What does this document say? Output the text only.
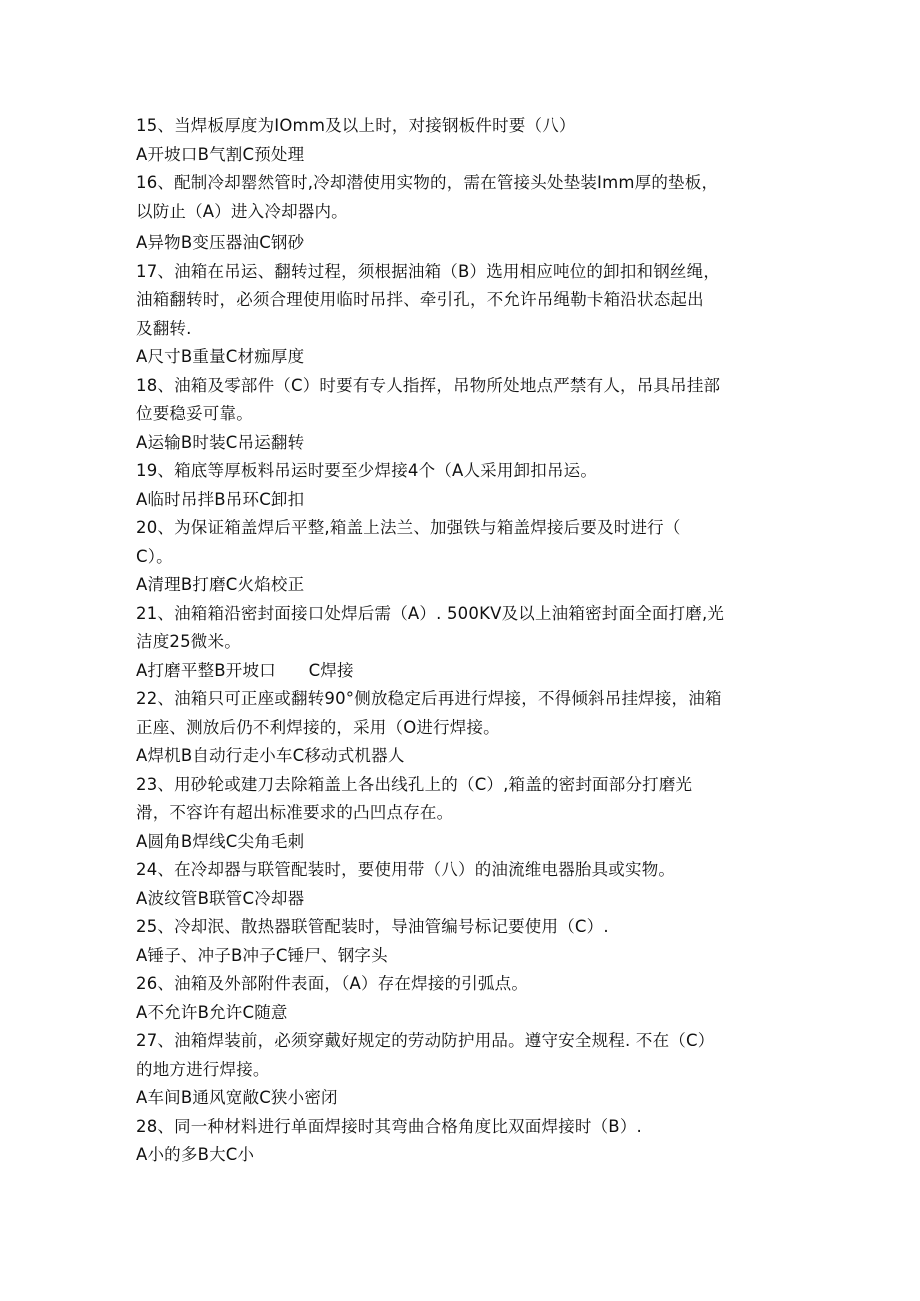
15、当焊板厚度为IOmm及以上时，对接钢板件时要（八）
A开坡口B气割C预处理
16、配制冷却罂然管时,冷却潜使用实物的，需在管接头处垫装Imm厚的垫板，
以防止（A）进入冷却器内。
A异物B变压器油C钢砂
17、油箱在吊运、翻转过程，须根据油箱（B）选用相应吨位的卸扣和钢丝绳，
油箱翻转时，必须合理使用临时吊拌、牵引孔，不允许吊绳勒卡箱沿状态起出
及翻转.
A尺寸B重量C材痂厚度
18、油箱及零部件（C）时要有专人指挥，吊物所处地点严禁有人，吊具吊挂部
位要稳妥可靠。
A运输B时装C吊运翻转
19、箱底等厚板料吊运时要至少焊接4个（A人采用卸扣吊运。
A临时吊拌B吊环C卸扣
20、为保证箱盖焊后平整,箱盖上法兰、加强铁与箱盖焊接后要及时进行（
C）。
A清理B打磨C火焰校正
21、油箱箱沿密封面接口处焊后需（A）. 500KV及以上油箱密封面全面打磨,光
洁度25微米。
A打磨平整B开坡口      C焊接
22、油箱只可正座或翻转90°侧放稳定后再进行焊接，不得倾斜吊挂焊接，油箱
正座、测放后仍不利焊接的，采用（O进行焊接。
A焊机B自动行走小车C移动式机器人
23、用砂轮或建刀去除箱盖上各出线孔上的（C）,箱盖的密封面部分打磨光
滑，不容许有超出标准要求的凸凹点存在。
A圆角B焊线C尖角毛刺
24、在冷却器与联管配装时，要使用带（八）的油流维电器胎具或实物。
A波纹管B联管C冷却器
25、冷却泯、散热器联管配装时，导油管编号标记要使用（C）.
A锤子、冲子B冲子C锤尸、钢字头
26、油箱及外部附件表面，（A）存在焊接的引弧点。
A不允许B允许C随意
27、油箱焊装前，必须穿戴好规定的劳动防护用品。遵守安全规程. 不在（C）
的地方进行焊接。
A车间B通风宽敞C狭小密闭
28、同一种材料进行单面焊接时其弯曲合格角度比双面焊接时（B）.
A小的多B大C小
